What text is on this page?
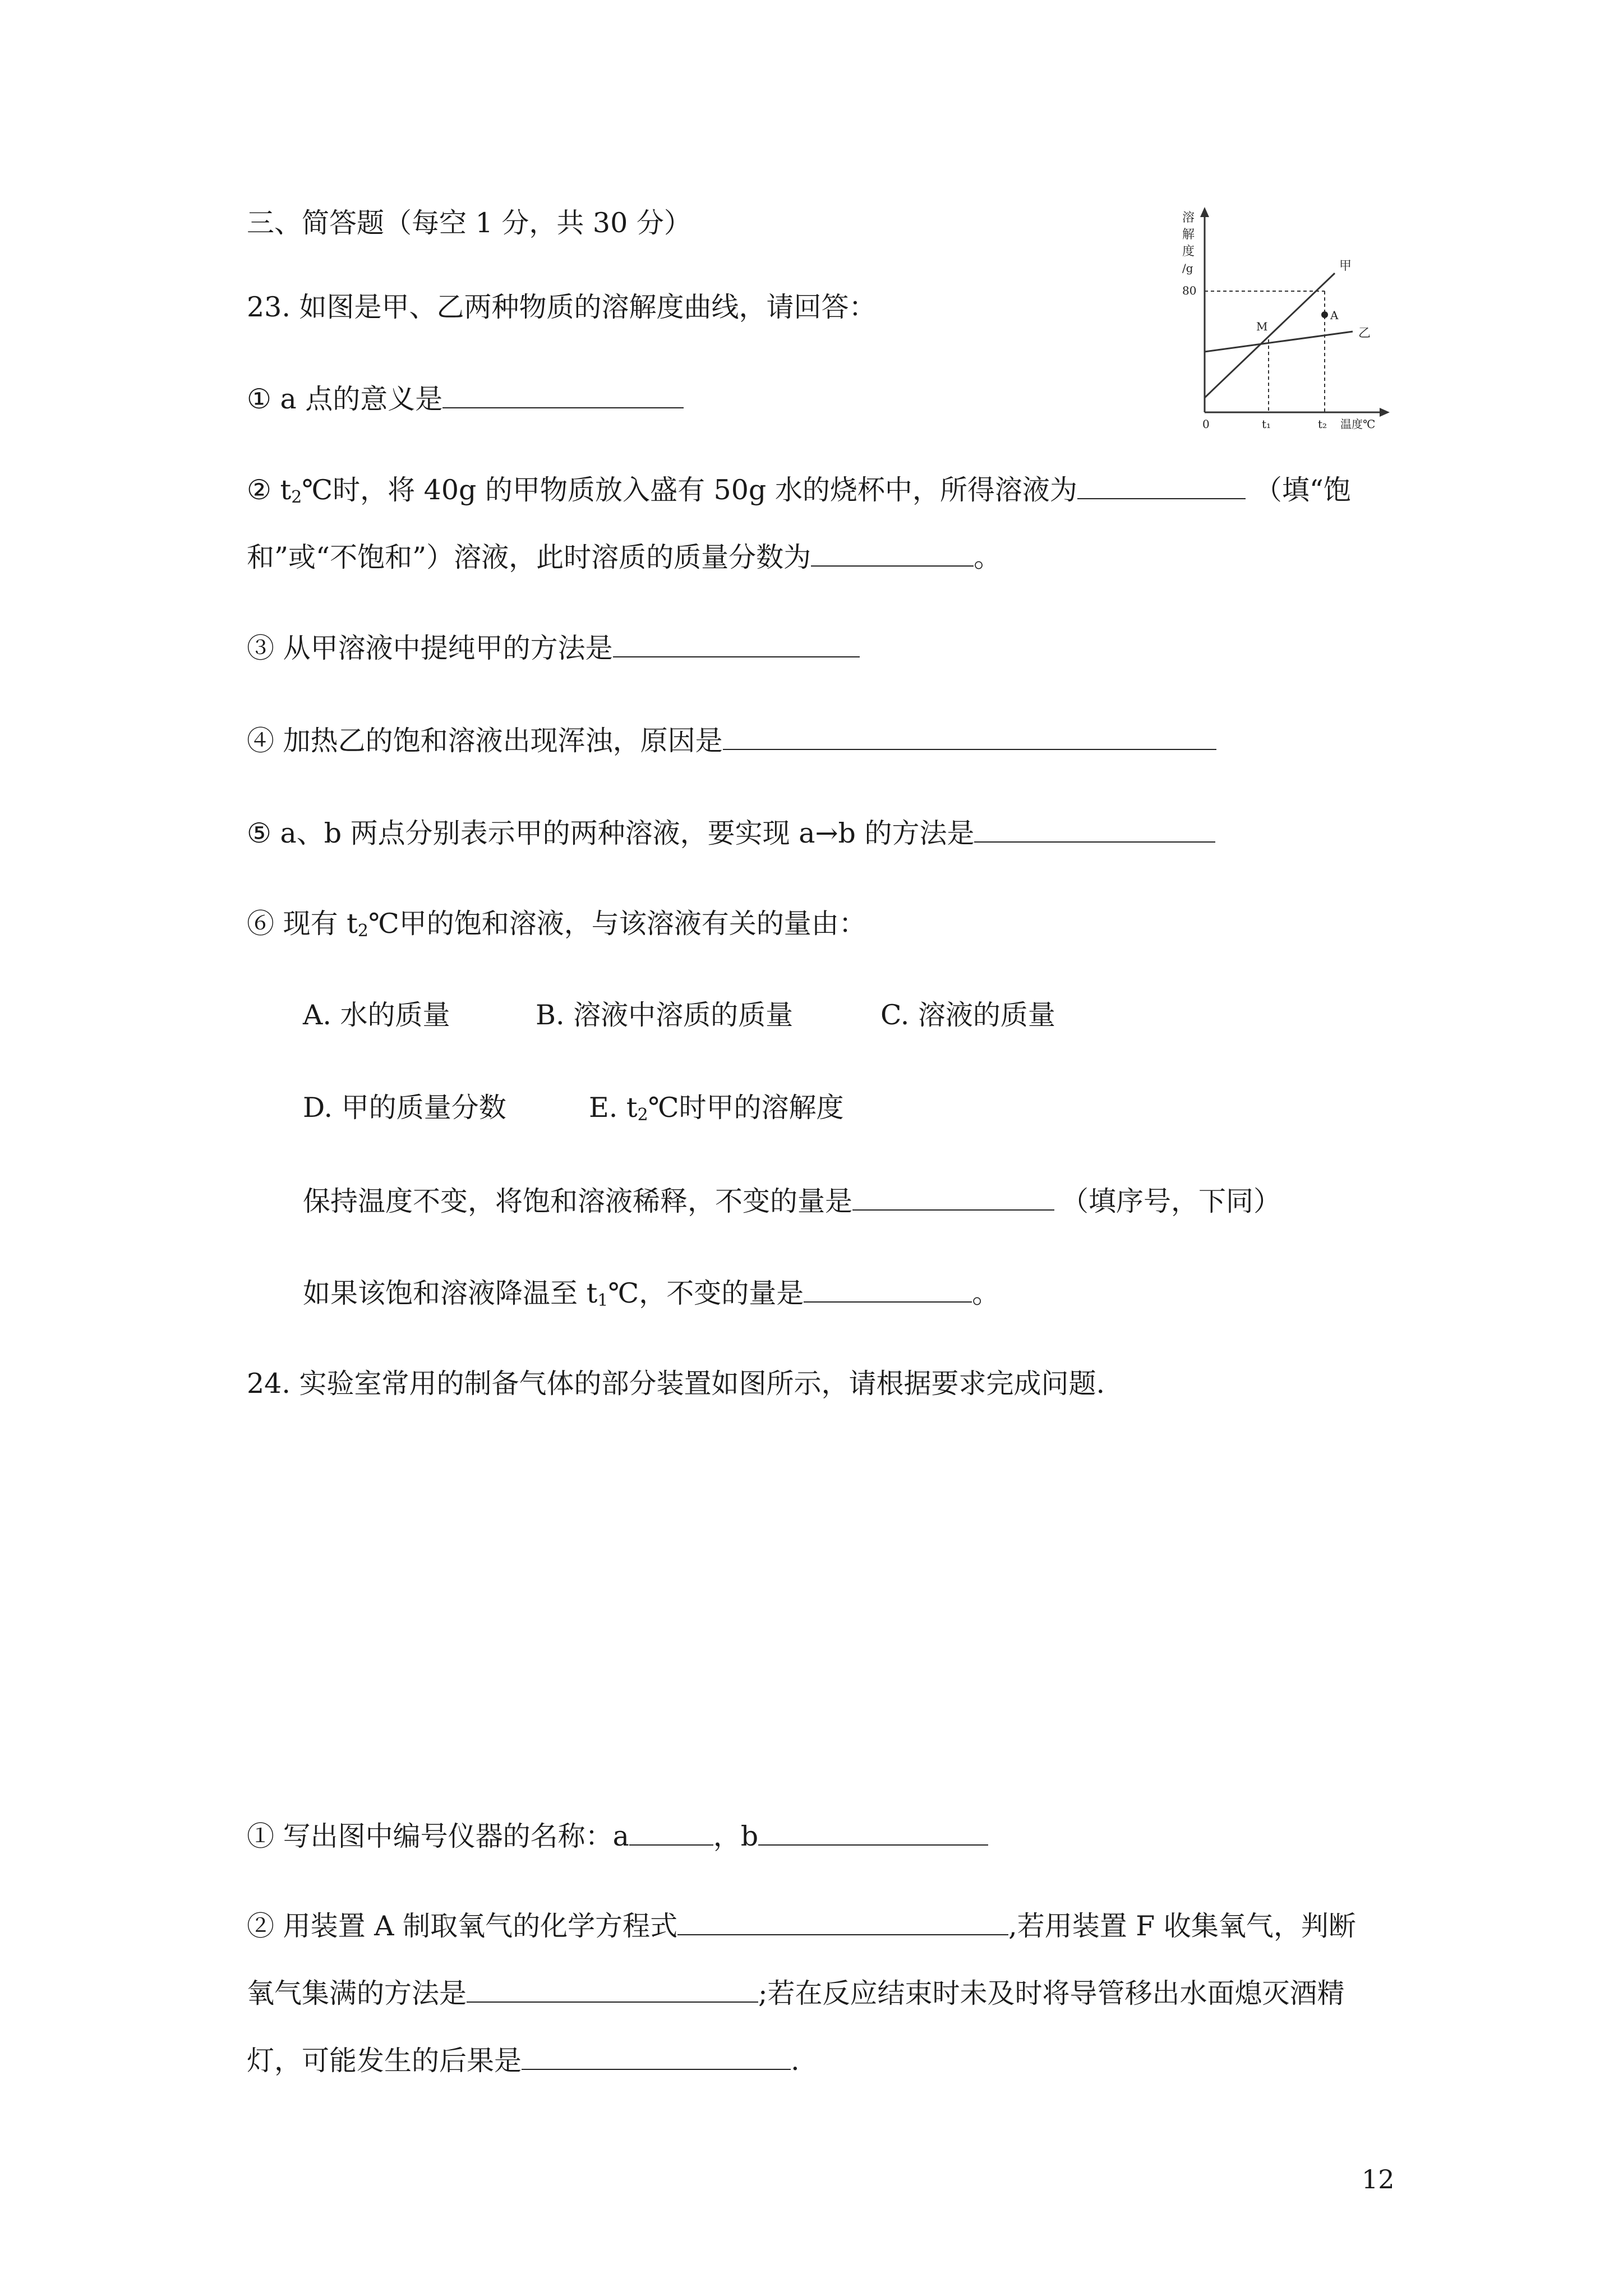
三、简答题（每空 1 分，共 30 分）
23. 如图是甲、乙两种物质的溶解度曲线，请回答：
① a 点的意义是
② $t_2℃$时，将 40g 的甲物质放入盛有 50g 水的烧杯中，所得溶液为	（填“饱
和”或“不饱和”）溶液，此时溶质的质量分数为	。
③ 从甲溶液中提纯甲的方法是
④ 加热乙的饱和溶液出现浑浊，原因是
⑤ a、b 两点分别表示甲的两种溶液，要实现 a→b 的方法是
⑥ 现有 $t_2℃$甲的饱和溶液，与该溶液有关的量由：
A. 水的质量	B. 溶液中溶质的质量	C. 溶液的质量
D. 甲的质量分数	E. $t_2℃$时甲的溶解度
保持温度不变，将饱和溶液稀释，不变的量是	（填序号，下同）
如果该饱和溶液降温至 $t_1℃$，不变的量是	。
24. 实验室常用的制备气体的部分装置如图所示，请根据要求完成问题.
① 写出图中编号仪器的名称：a	，b
② 用装置 A 制取氧气的化学方程式	,若用装置 F 收集氧气，判断
氧气集满的方法是	;若在反应结束时未及时将导管移出水面熄灭酒精
灯，可能发生的后果是	.
溶
解
度
/g
80
甲
乙
M
A
0	t₁	t₂ 温度℃
12
